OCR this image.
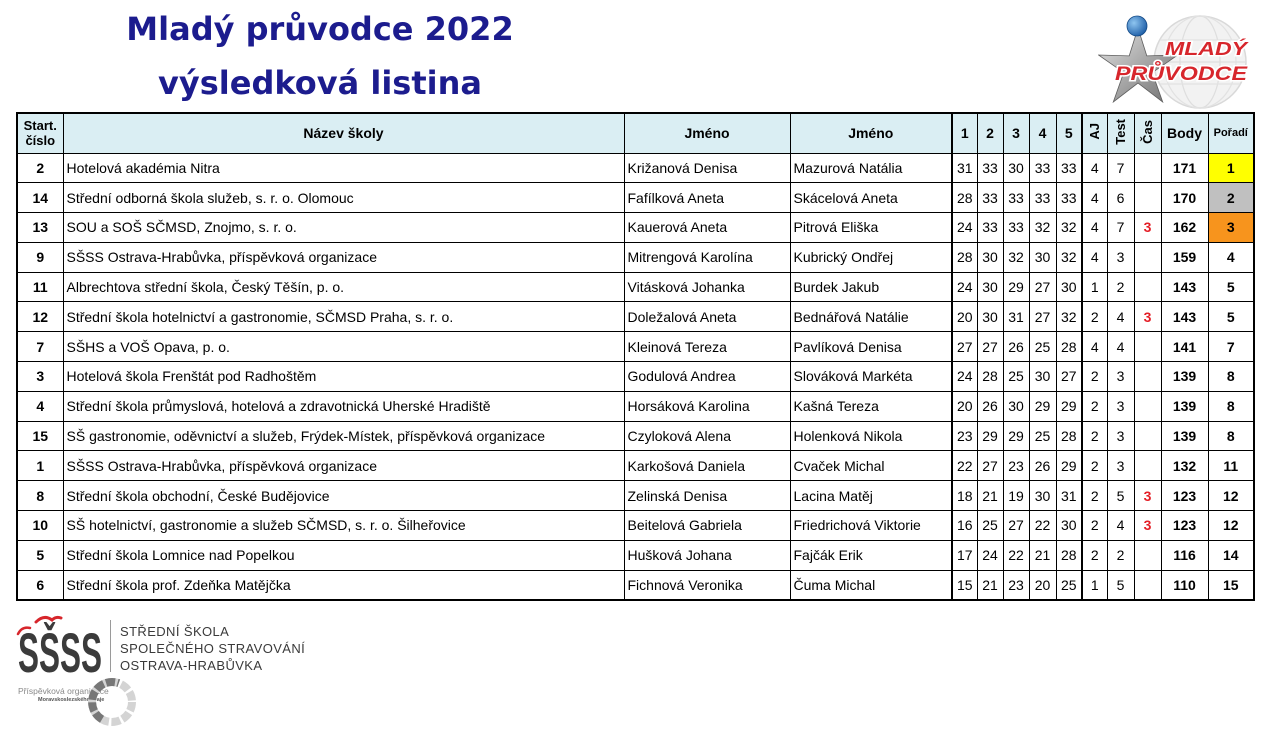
Mladý průvodce 2022
výsledková listina
MLADÝ
PRŮVODCE
Start.
číslo	Název školy	Jméno	Jméno	1	2	3	4	5	AJ	Test	Čas	Body	Pořadí
2	Hotelová akadémia Nitra	Križanová Denisa	Mazurová Natália	31	33	30	33	33	4	7		171	1
14	Střední odborná škola služeb, s. r. o. Olomouc	Fafílková Aneta	Skácelová Aneta	28	33	33	33	33	4	6		170	2
13	SOU a SOŠ SČMSD, Znojmo, s. r. o.	Kauerová Aneta	Pitrová Eliška	24	33	33	32	32	4	7	3	162	3
9	SŠSS Ostrava-Hrabůvka, příspěvková organizace	Mitrengová Karolína	Kubrický Ondřej	28	30	32	30	32	4	3		159	4
11	Albrechtova střední škola, Český Těšín, p. o.	Vitásková Johanka	Burdek Jakub	24	30	29	27	30	1	2		143	5
12	Střední škola hotelnictví a gastronomie, SČMSD Praha, s. r. o.	Doležalová Aneta	Bednářová Natálie	20	30	31	27	32	2	4	3	143	5
7	SŠHS a VOŠ Opava, p. o.	Kleinová Tereza	Pavlíková Denisa	27	27	26	25	28	4	4		141	7
3	Hotelová škola Frenštát pod Radhoštěm	Godulová Andrea	Slováková Markéta	24	28	25	30	27	2	3		139	8
4	Střední škola průmyslová, hotelová a zdravotnická Uherské Hradiště	Horsáková Karolina	Kašná Tereza	20	26	30	29	29	2	3		139	8
15	SŠ gastronomie, oděvnictví a služeb, Frýdek-Místek, příspěvková organizace	Czyloková Alena	Holenková Nikola	23	29	29	25	28	2	3		139	8
1	SŠSS Ostrava-Hrabůvka, příspěvková organizace	Karkošová Daniela	Cvaček Michal	22	27	23	26	29	2	3		132	11
8	Střední škola obchodní, České Budějovice	Zelinská Denisa	Lacina Matěj	18	21	19	30	31	2	5	3	123	12
10	SŠ hotelnictví, gastronomie a služeb SČMSD, s. r. o. Šilheřovice	Beitelová Gabriela	Friedrichová Viktorie	16	25	27	22	30	2	4	3	123	12
5	Střední škola Lomnice nad Popelkou	Hušková Johana	Fajčák Erik	17	24	22	21	28	2	2		116	14
6	Střední škola prof. Zdeňka Matějčka	Fichnová Veronika	Čuma Michal	15	21	23	20	25	1	5		110	15
SŠSS STŘEDNÍ ŠKOLA
SPOLEČNÉHO STRAVOVÁNÍ
OSTRAVA-HRABŮVKA
Příspěvková organizace
Moravskoslezského kraje
